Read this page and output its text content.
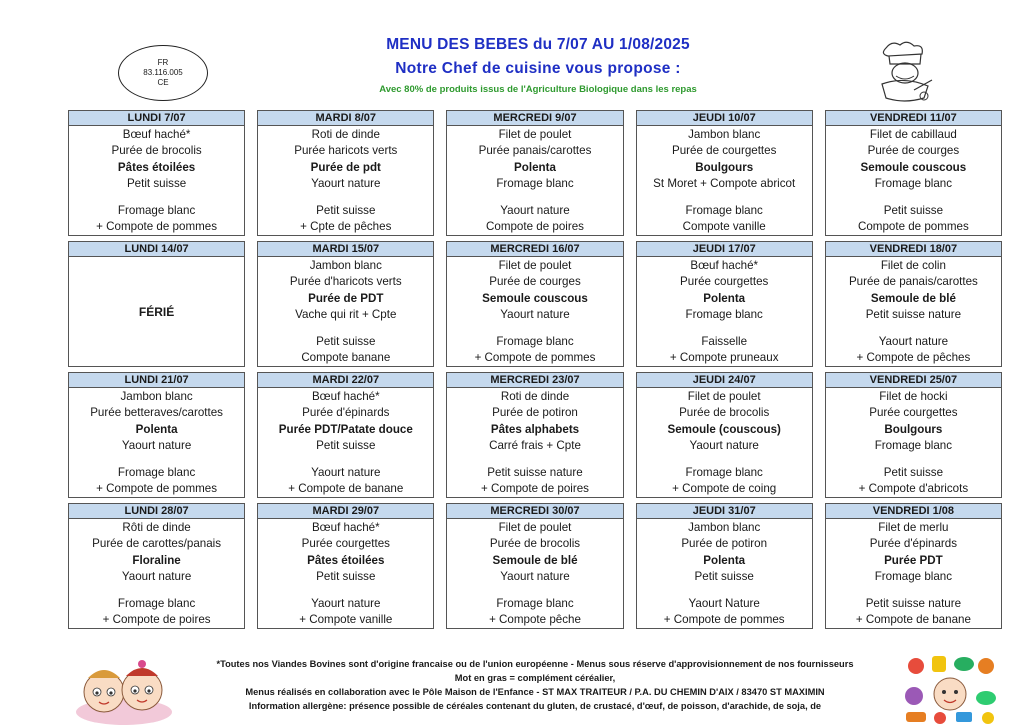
FR
83.116.005
CE
MENU DES BEBES du 7/07 AU 1/08/2025
Notre Chef de cuisine vous propose :
Avec 80% de produits issus de l'Agriculture Biologique dans les repas
LUNDI 7/07
Bœuf haché*
Purée de brocolis
Pâtes étoilées
Petit suisse
Fromage blanc
+ Compote de pommes
MARDI 8/07
Roti de dinde
Purée haricots verts
Purée de pdt
Yaourt nature
Petit suisse
+ Cpte de pêches
MERCREDI 9/07
Filet de poulet
Purée panais/carottes
Polenta
Fromage blanc
Yaourt nature
Compote de poires
JEUDI 10/07
Jambon blanc
Purée de courgettes
Boulgours
St Moret + Compote abricot
Fromage blanc
Compote vanille
VENDREDI 11/07
Filet de cabillaud
Purée de courges
Semoule couscous
Fromage blanc
Petit suisse
Compote de pommes
LUNDI 14/07
FÉRIÉ
MARDI 15/07
Jambon blanc
Purée d'haricots verts
Purée de PDT
Vache qui rit + Cpte
Petit suisse
Compote banane
MERCREDI 16/07
Filet de poulet
Purée de courges
Semoule couscous
Yaourt nature
Fromage blanc
+ Compote de pommes
JEUDI 17/07
Bœuf haché*
Purée courgettes
Polenta
Fromage blanc
Faisselle
+ Compote pruneaux
VENDREDI 18/07
Filet de colin
Purée de panais/carottes
Semoule de blé
Petit suisse nature
Yaourt nature
+ Compote de pêches
LUNDI 21/07
Jambon blanc
Purée betteraves/carottes
Polenta
Yaourt nature
Fromage blanc
+ Compote de pommes
MARDI 22/07
Bœuf haché*
Purée d'épinards
Purée PDT/Patate douce
Petit suisse
Yaourt nature
+ Compote de banane
MERCREDI 23/07
Roti de dinde
Purée de potiron
Pâtes alphabets
Carré frais + Cpte
Petit suisse nature
+ Compote de poires
JEUDI 24/07
Filet de poulet
Purée de brocolis
Semoule (couscous)
Yaourt nature
Fromage blanc
+ Compote de coing
VENDREDI 25/07
Filet de hocki
Purée courgettes
Boulgours
Fromage blanc
Petit suisse
+ Compote d'abricots
LUNDI 28/07
Rôti de dinde
Purée de carottes/panais
Floraline
Yaourt nature
Fromage blanc
+ Compote de poires
MARDI 29/07
Bœuf haché*
Purée courgettes
Pâtes étoilées
Petit suisse
Yaourt nature
+ Compote vanille
MERCREDI 30/07
Filet de poulet
Purée de brocolis
Semoule de blé
Yaourt nature
Fromage blanc
+ Compote pêche
JEUDI 31/07
Jambon blanc
Purée de potiron
Polenta
Petit suisse
Yaourt Nature
+ Compote de pommes
VENDREDI 1/08
Filet de merlu
Purée d'épinards
Purée PDT
Fromage blanc
Petit suisse nature
+ Compote de banane
*Toutes nos Viandes Bovines sont d'origine francaise ou de l'union européenne - Menus sous réserve d'approvisionnement de nos fournisseurs
Mot en gras = complément céréalier,
Menus réalisés en collaboration avec le Pôle Maison de l'Enfance - ST MAX TRAITEUR / P.A. DU CHEMIN D'AIX / 83470 ST MAXIMIN
Information allergène: présence possible de céréales contenant du gluten, de crustacé, d'œuf, de poisson, d'arachide, de soja, de
